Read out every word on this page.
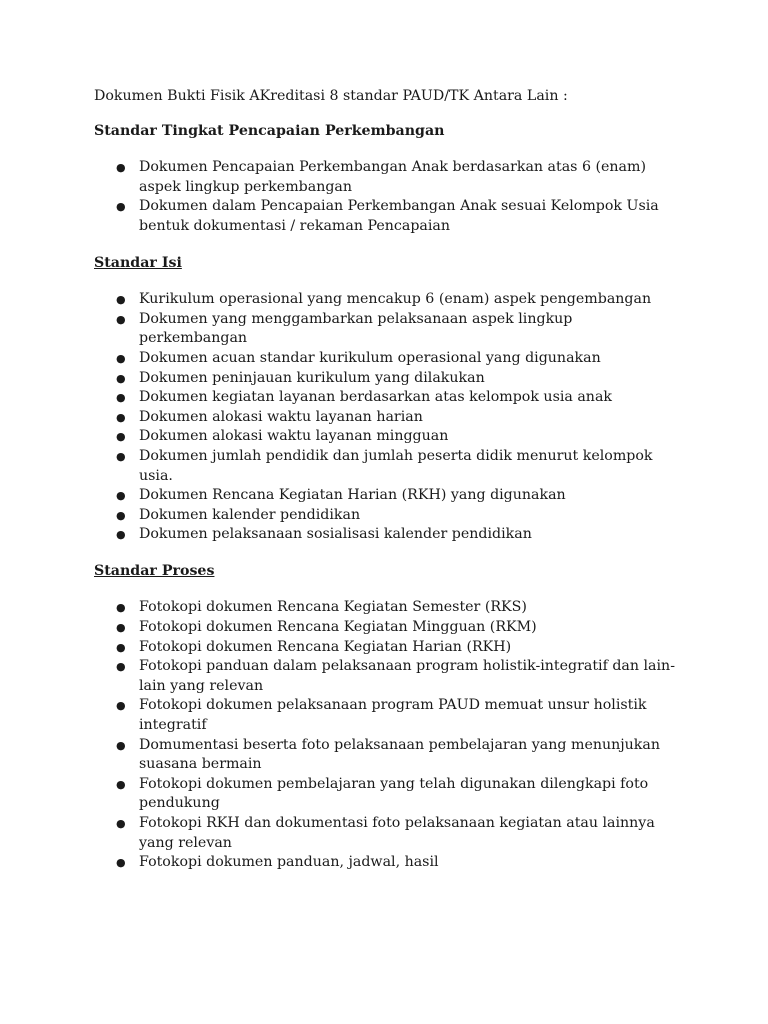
Dokumen Bukti Fisik AKreditasi 8 standar PAUD/TK Antara Lain :

Standar Tingkat Pencapaian Perkembangan

● Dokumen Pencapaian Perkembangan Anak berdasarkan atas 6 (enam) aspek lingkup perkembangan
● Dokumen dalam Pencapaian Perkembangan Anak sesuai Kelompok Usia bentuk dokumentasi / rekaman Pencapaian

Standar Isi

● Kurikulum operasional yang mencakup 6 (enam) aspek pengembangan
● Dokumen yang menggambarkan pelaksanaan aspek lingkup perkembangan
● Dokumen acuan standar kurikulum operasional yang digunakan
● Dokumen peninjauan kurikulum yang dilakukan
● Dokumen kegiatan layanan berdasarkan atas kelompok usia anak
● Dokumen alokasi waktu layanan harian
● Dokumen alokasi waktu layanan mingguan
● Dokumen jumlah pendidik dan jumlah peserta didik menurut kelompok usia.
● Dokumen Rencana Kegiatan Harian (RKH) yang digunakan
● Dokumen kalender pendidikan
● Dokumen pelaksanaan sosialisasi kalender pendidikan

Standar Proses

● Fotokopi dokumen Rencana Kegiatan Semester (RKS)
● Fotokopi dokumen Rencana Kegiatan Mingguan (RKM)
● Fotokopi dokumen Rencana Kegiatan Harian (RKH)
● Fotokopi panduan dalam pelaksanaan program holistik-integratif dan lain-lain yang relevan
● Fotokopi dokumen pelaksanaan program PAUD memuat unsur holistik integratif
● Domumentasi beserta foto pelaksanaan pembelajaran yang menunjukan suasana bermain
● Fotokopi dokumen pembelajaran yang telah digunakan dilengkapi foto pendukung
● Fotokopi RKH dan dokumentasi foto pelaksanaan kegiatan atau lainnya yang relevan
● Fotokopi dokumen panduan, jadwal, hasil
